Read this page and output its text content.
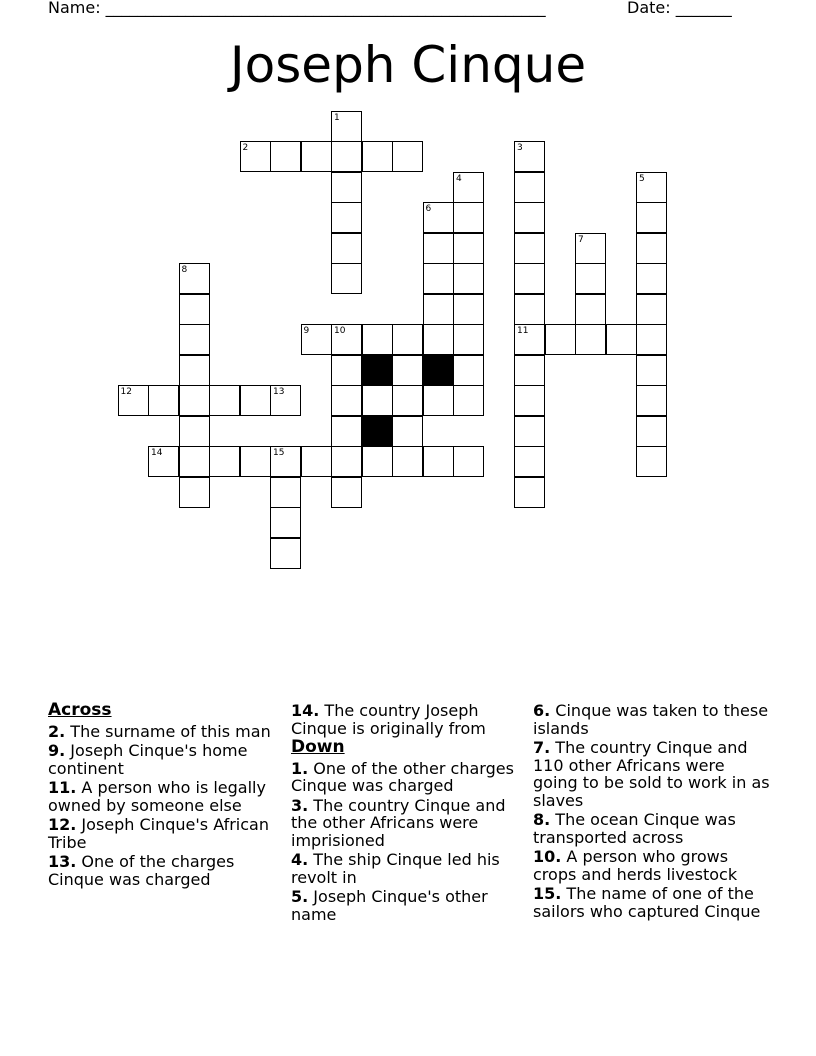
Name: _______________________________________________________	Date: _______
Joseph Cinque
1
2	3
4	5
6
7
8
9	10	11
12	13
14	15
Across
2. The surname of this man
9. Joseph Cinque's home continent
11. A person who is legally owned by someone else
12. Joseph Cinque's African Tribe
13. One of the charges Cinque was charged
14. The country Joseph Cinque is originally from
Down
1. One of the other charges Cinque was charged
3. The country Cinque and the other Africans were imprisioned
4. The ship Cinque led his revolt in
5. Joseph Cinque's other name
6. Cinque was taken to these islands
7. The country Cinque and 110 other Africans were going to be sold to work in as slaves
8. The ocean Cinque was transported across
10. A person who grows crops and herds livestock
15. The name of one of the sailors who captured Cinque
